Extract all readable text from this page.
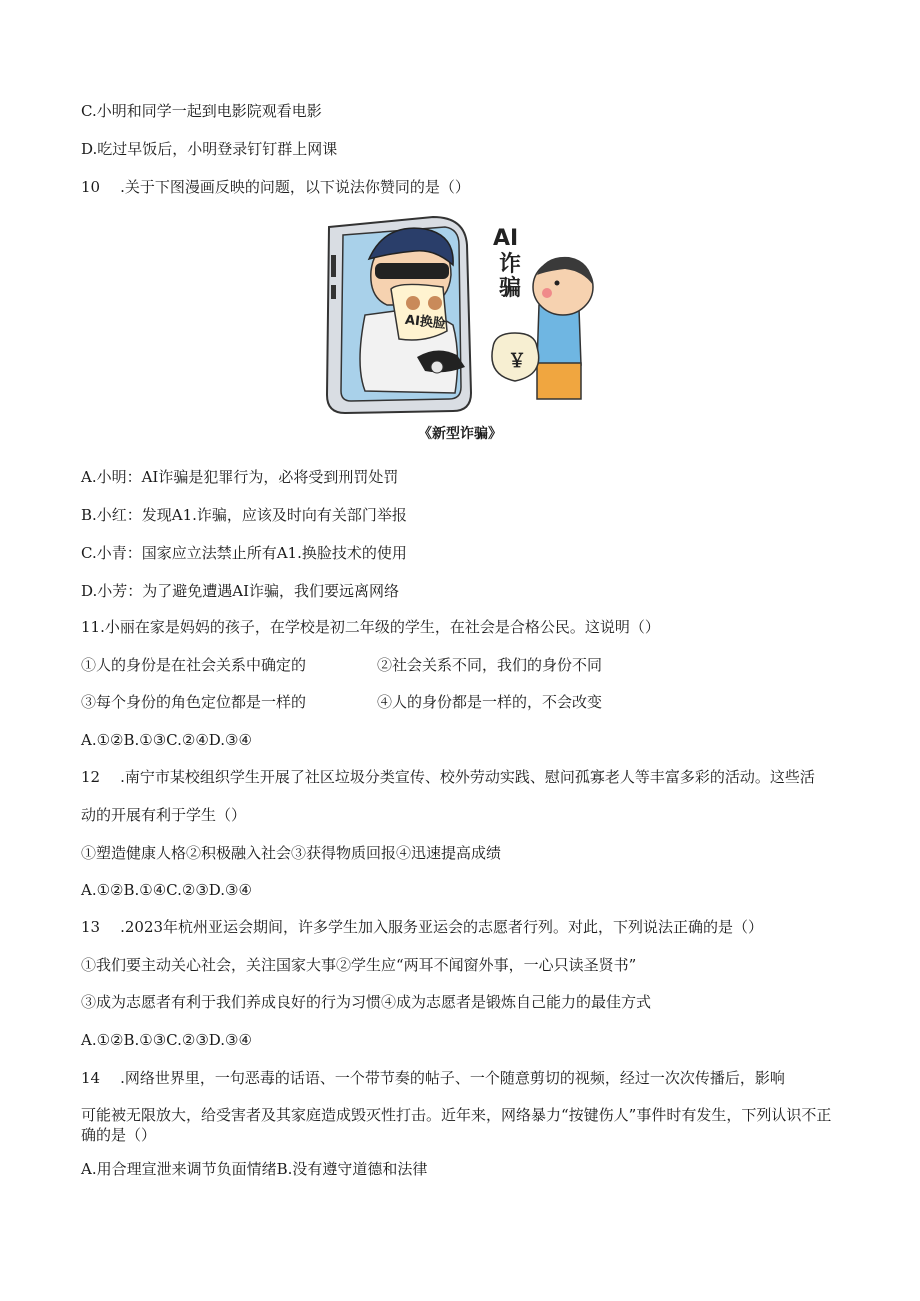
C.小明和同学一起到电影院观看电影
D.吃过早饭后，小明登录钉钉群上网课
10 .关于下图漫画反映的问题，以下说法你赞同的是（）
AI
诈
骗
AI换脸
￥
《新型诈骗》
A.小明：AI诈骗是犯罪行为，必将受到刑罚处罚
B.小红：发现A1.诈骗，应该及时向有关部门举报
C.小青：国家应立法禁止所有A1.换脸技术的使用
D.小芳：为了避免遭遇AI诈骗，我们要远离网络
11.小丽在家是妈妈的孩子，在学校是初二年级的学生，在社会是合格公民。这说明（）
①人的身份是在社会关系中确定的	②社会关系不同，我们的身份不同
③每个身份的角色定位都是一样的	④人的身份都是一样的，不会改变
A.①②B.①③C.②④D.③④
12 .南宁市某校组织学生开展了社区垃圾分类宣传、校外劳动实践、慰问孤寡老人等丰富多彩的活动。这些活
动的开展有利于学生（）
①塑造健康人格②积极融入社会③获得物质回报④迅速提高成绩
A.①②B.①④C.②③D.③④
13 .2023年杭州亚运会期间，许多学生加入服务亚运会的志愿者行列。对此，下列说法正确的是（）
①我们要主动关心社会，关注国家大事②学生应“两耳不闻窗外事，一心只读圣贤书”
③成为志愿者有利于我们养成良好的行为习惯④成为志愿者是锻炼自己能力的最佳方式
A.①②B.①③C.②③D.③④
14 .网络世界里，一句恶毒的话语、一个带节奏的帖子、一个随意剪切的视频，经过一次次传播后，影响
可能被无限放大，给受害者及其家庭造成毁灭性打击。近年来，网络暴力“按键伤人”事件时有发生，下列认识不正确的是（）
A.用合理宣泄来调节负面情绪B.没有遵守道德和法律
